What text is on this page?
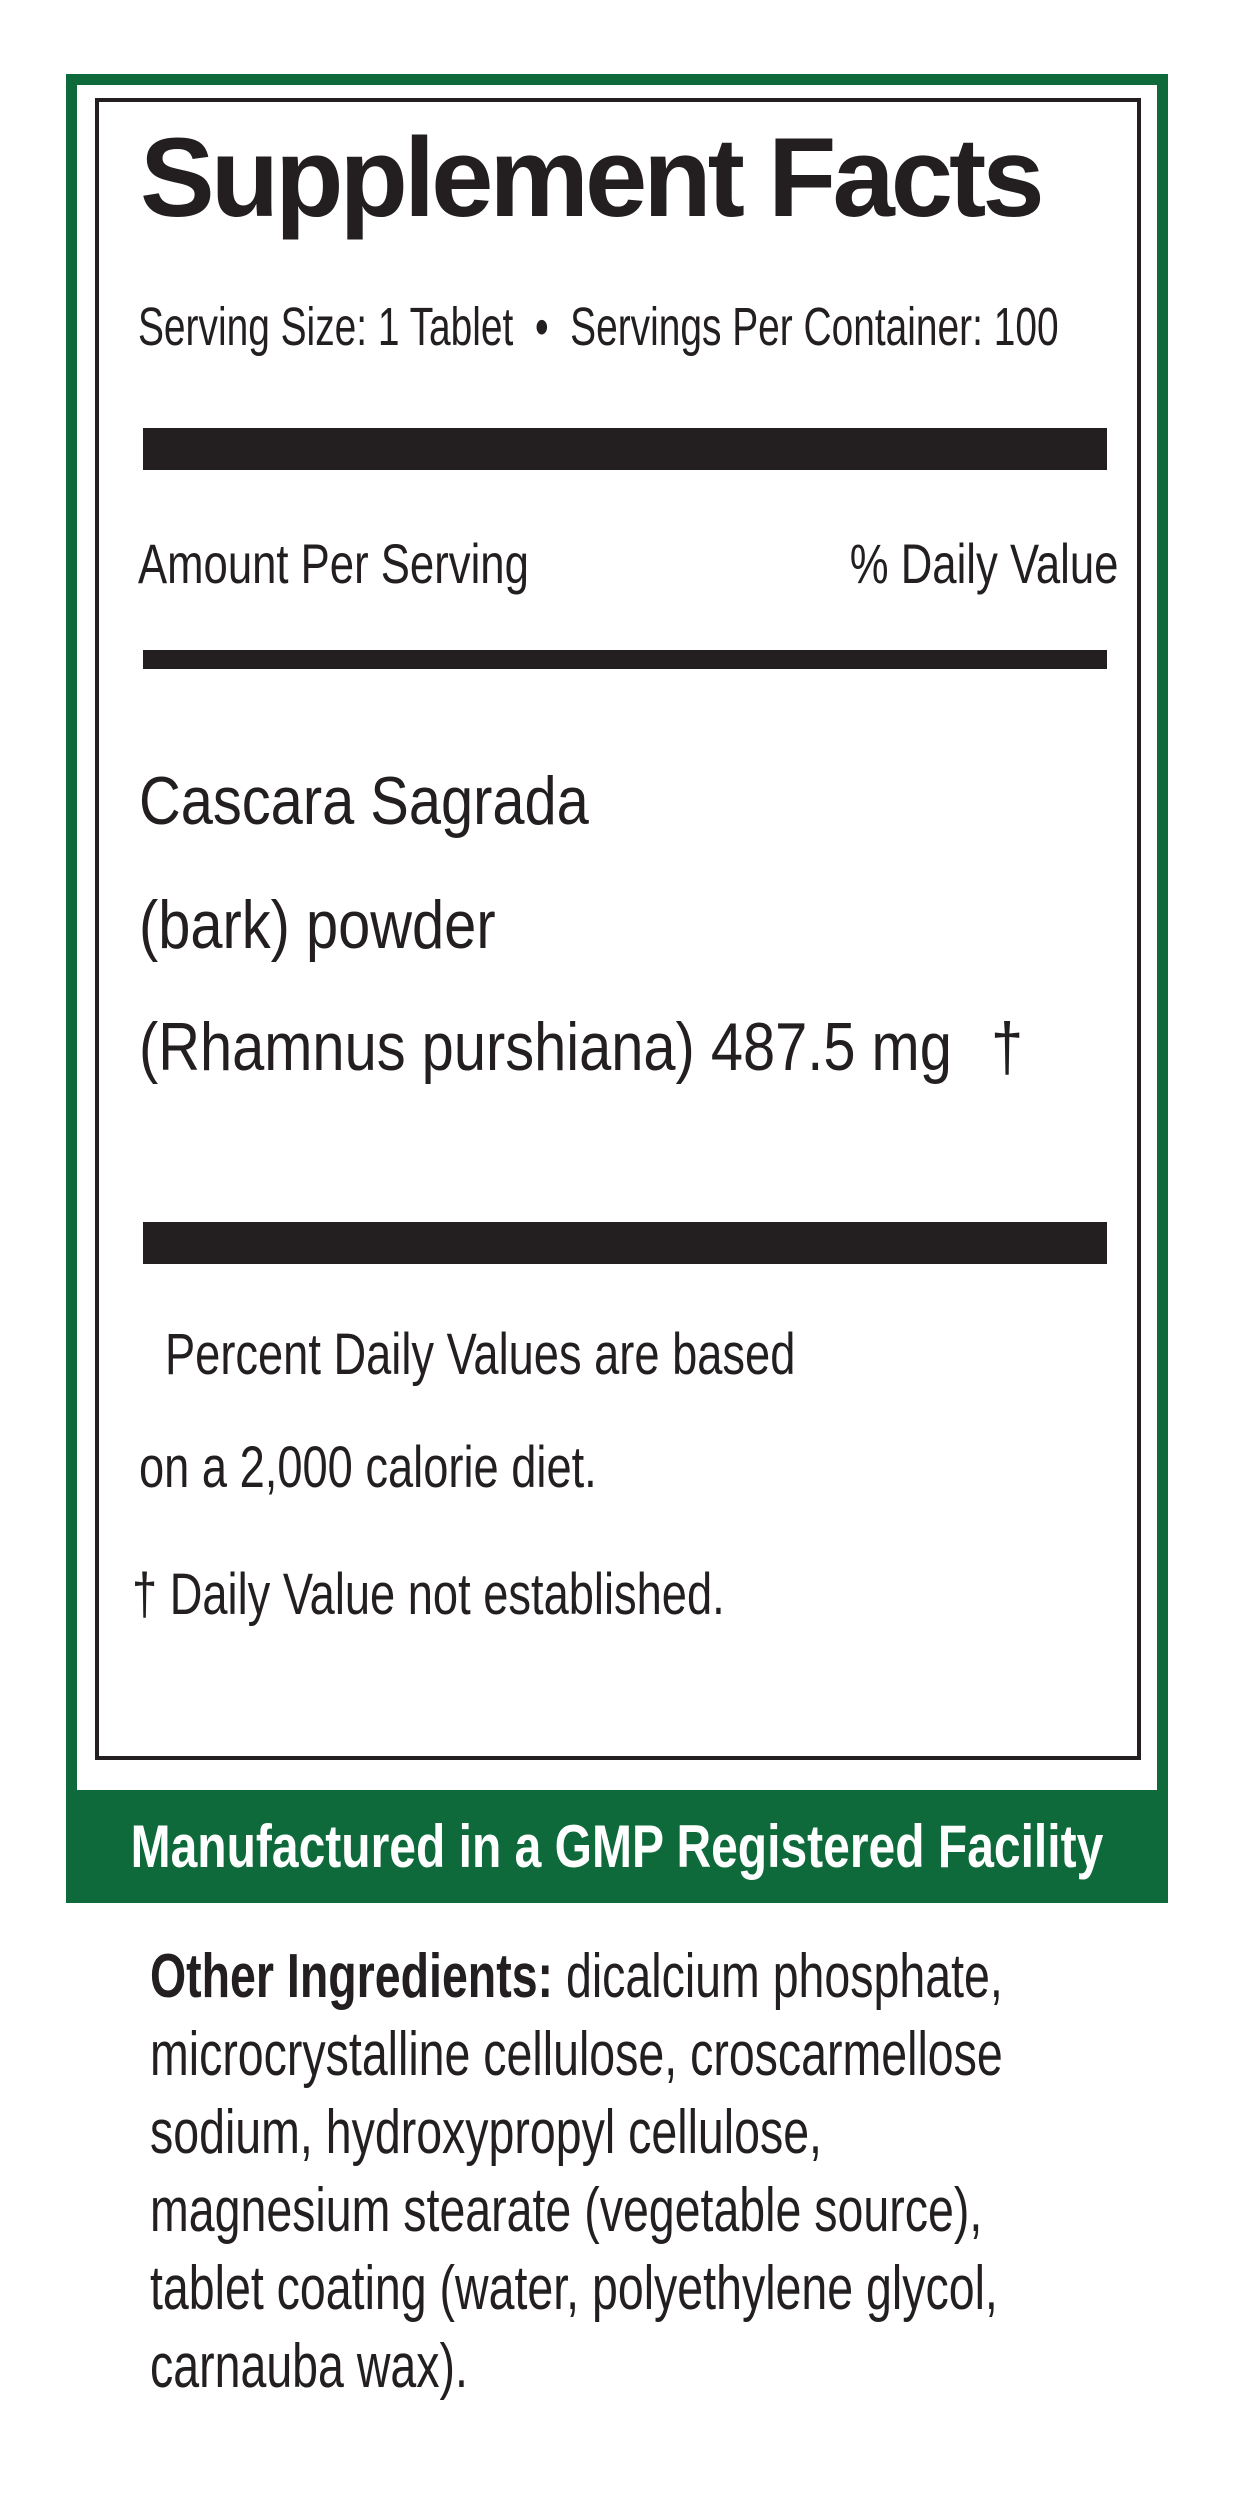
Supplement Facts
Serving Size: 1 Tablet  •  Servings Per Container: 100
Amount Per Serving	% Daily Value
Cascara Sagrada
(bark) powder
(Rhamnus purshiana) 487.5 mg †
Percent Daily Values are based
on a 2,000 calorie diet.
† Daily Value not established.
Manufactured in a GMP Registered Facility
Other Ingredients: dicalcium phosphate,
microcrystalline cellulose, croscarmellose
sodium, hydroxypropyl cellulose,
magnesium stearate (vegetable source),
tablet coating (water, polyethylene glycol,
carnauba wax).
